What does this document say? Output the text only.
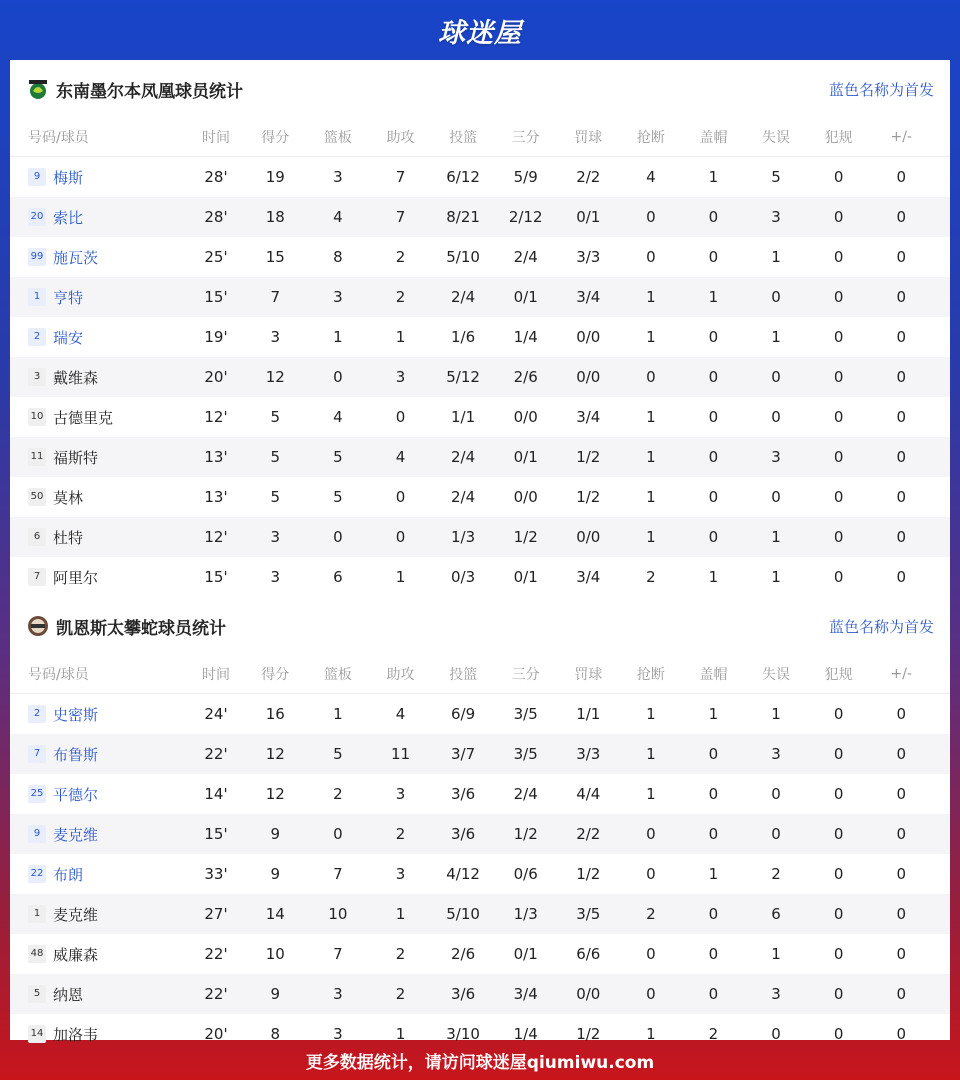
球迷屋
东南墨尔本凤凰球员统计	蓝色名称为首发
号码/球员	时间	得分	篮板	助攻	投篮	三分	罚球	抢断	盖帽	失误	犯规	+/-
9 梅斯	28'	19	3	7	6/12	5/9	2/2	4	1	5	0	0
20 索比	28'	18	4	7	8/21	2/12	0/1	0	0	3	0	0
99 施瓦茨	25'	15	8	2	5/10	2/4	3/3	0	0	1	0	0
1 亨特	15'	7	3	2	2/4	0/1	3/4	1	1	0	0	0
2 瑞安	19'	3	1	1	1/6	1/4	0/0	1	0	1	0	0
3 戴维森	20'	12	0	3	5/12	2/6	0/0	0	0	0	0	0
10 古德里克	12'	5	4	0	1/1	0/0	3/4	1	0	0	0	0
11 福斯特	13'	5	5	4	2/4	0/1	1/2	1	0	3	0	0
50 莫林	13'	5	5	0	2/4	0/0	1/2	1	0	0	0	0
6 杜特	12'	3	0	0	1/3	1/2	0/0	1	0	1	0	0
7 阿里尔	15'	3	6	1	0/3	0/1	3/4	2	1	1	0	0
凯恩斯太攀蛇球员统计	蓝色名称为首发
号码/球员	时间	得分	篮板	助攻	投篮	三分	罚球	抢断	盖帽	失误	犯规	+/-
2 史密斯	24'	16	1	4	6/9	3/5	1/1	1	1	1	0	0
7 布鲁斯	22'	12	5	11	3/7	3/5	3/3	1	0	3	0	0
25 平德尔	14'	12	2	3	3/6	2/4	4/4	1	0	0	0	0
9 麦克维	15'	9	0	2	3/6	1/2	2/2	0	0	0	0	0
22 布朗	33'	9	7	3	4/12	0/6	1/2	0	1	2	0	0
1 麦克维	27'	14	10	1	5/10	1/3	3/5	2	0	6	0	0
48 威廉森	22'	10	7	2	2/6	0/1	6/6	0	0	1	0	0
5 纳恩	22'	9	3	2	3/6	3/4	0/0	0	0	3	0	0
14 加洛韦	20'	8	3	1	3/10	1/4	1/2	1	2	0	0	0
更多数据统计，请访问球迷屋qiumiwu.com
